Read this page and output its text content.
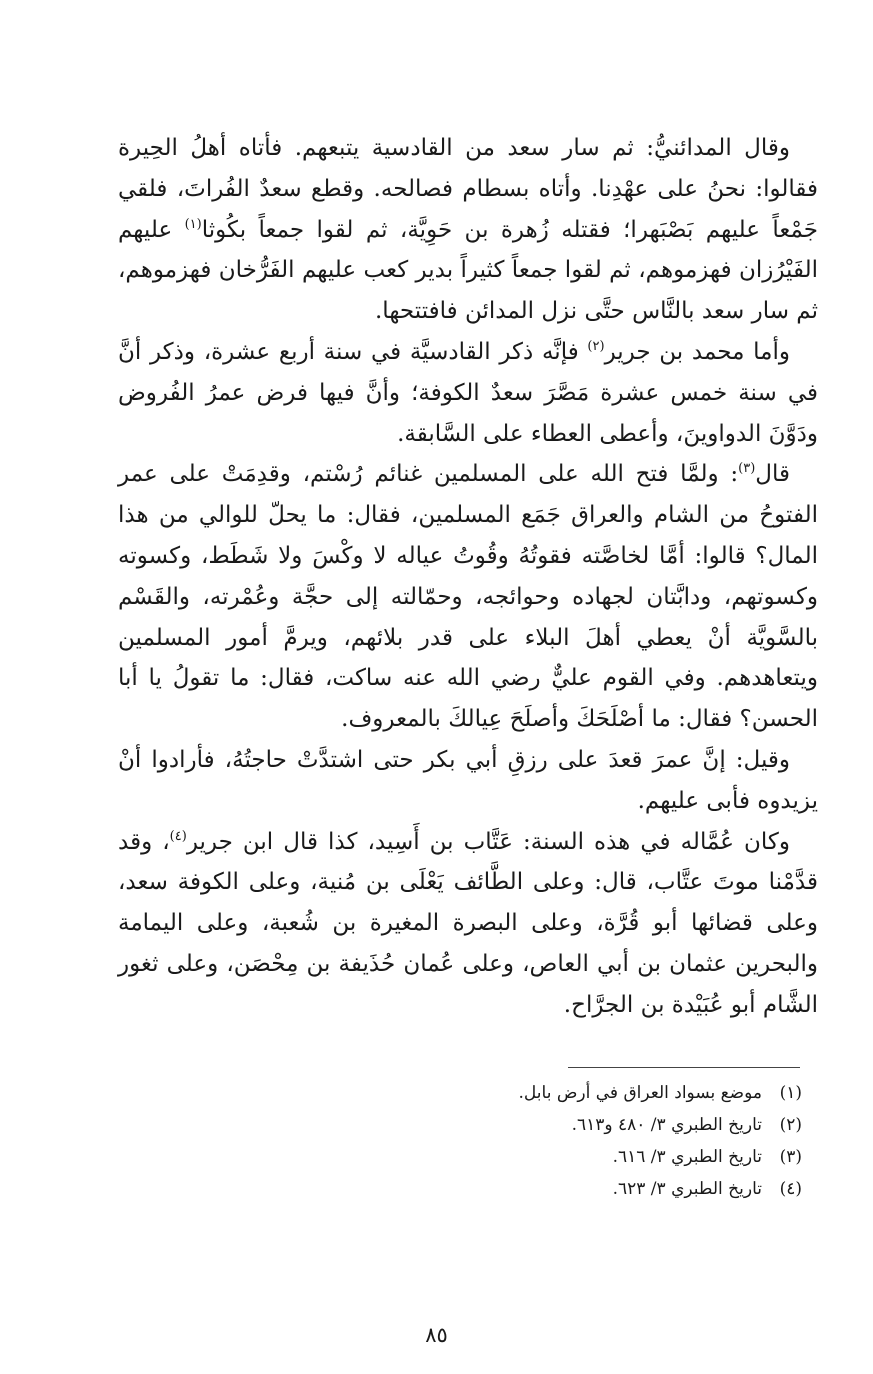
وقال المدائنيُّ: ثم سار سعد من القادسية يتبعهم. فأتاه أهلُ الحِيرة فقالوا: نحنُ على عهْدِنا. وأتاه بسطام فصالحه. وقطع سعدٌ الفُراتَ، فلقي جَمْعاً عليهم بَصْبَهرا؛ فقتله زُهرة بن حَوِيَّة، ثم لقوا جمعاً بكُوثا$^{(١)}$ عليهم الفَيْرُزان فهزموهم، ثم لقوا جمعاً كثيراً بدير كعب عليهم الفَرُّخان فهزموهم، ثم سار سعد بالنَّاس حتَّى نزل المدائن فافتتحها.

وأما محمد بن جرير$^{(٢)}$ فإنَّه ذكر القادسيَّة في سنة أربع عشرة، وذكر أنَّ في سنة خمس عشرة مَصَّرَ سعدٌ الكوفة؛ وأنَّ فيها فرض عمرُ الفُروض ودَوَّنَ الدواوينَ، وأعطى العطاء على السَّابقة.

قال$^{(٣)}$: ولمَّا فتح الله على المسلمين غنائم رُسْتم، وقدِمَتْ على عمر الفتوحُ من الشام والعراق جَمَع المسلمين، فقال: ما يحلّ للوالي من هذا المال؟ قالوا: أمَّا لخاصَّته فقوتُهُ وقُوتُ عياله لا وكْسَ ولا شَطَط، وكسوته وكسوتهم، ودابَّتان لجهاده وحوائجه، وحمّالته إلى حجَّة وعُمْرته، والقَسْم بالسَّويَّة أنْ يعطي أهلَ البلاء على قدر بلائهم، ويرمَّ أمور المسلمين ويتعاهدهم. وفي القوم عليٌّ رضي الله عنه ساكت، فقال: ما تقولُ يا أبا الحسن؟ فقال: ما أصْلَحَكَ وأصلَحَ عِيالكَ بالمعروف.

وقيل: إنَّ عمرَ قعدَ على رزقِ أبي بكر حتى اشتدَّتْ حاجتُهُ، فأرادوا أنْ يزيدوه فأبى عليهم.

وكان عُمَّاله في هذه السنة: عَتَّاب بن أَسِيد، كذا قال ابن جرير$^{(٤)}$، وقد قدَّمْنا موتَ عتَّاب، قال: وعلى الطَّائف يَعْلَى بن مُنية، وعلى الكوفة سعد، وعلى قضائها أبو قُرَّة، وعلى البصرة المغيرة بن شُعبة، وعلى اليمامة والبحرين عثمان بن أبي العاص، وعلى عُمان حُذَيفة بن مِحْصَن، وعلى ثغور الشَّام أبو عُبَيْدة بن الجرَّاح.

(١)موضع بسواد العراق في أرض بابل.
(٢)تاريخ الطبري ٣/ ٤٨٠ و٦١٣.
(٣)تاريخ الطبري ٣/ ٦١٦.
(٤)تاريخ الطبري ٣/ ٦٢٣.
٨٥
